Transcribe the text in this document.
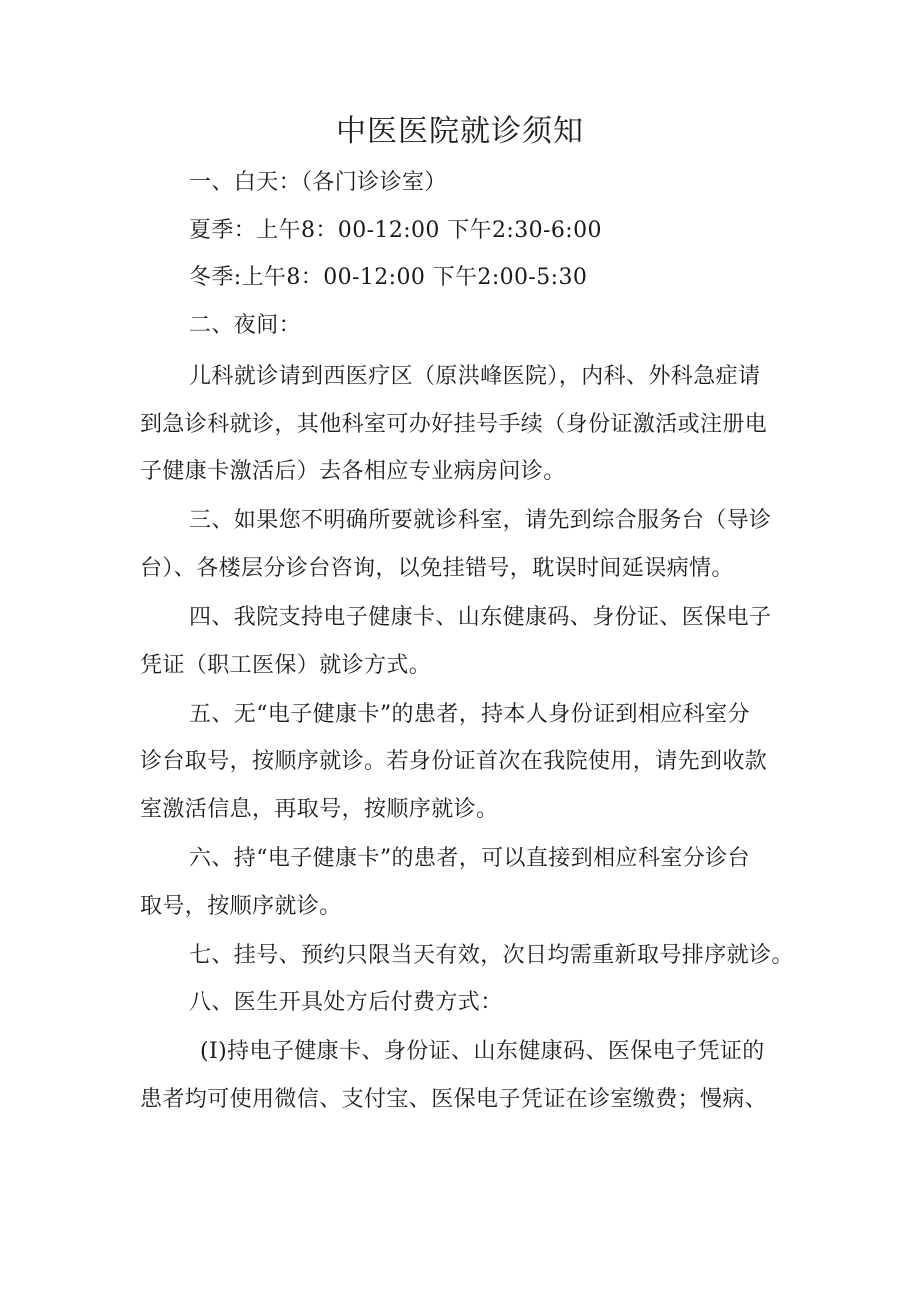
中医医院就诊须知
一、白天：（各门诊诊室）
夏季：上午8：00-12:00 下午2:30-6:00
冬季:上午8：00-12:00 下午2:00-5:30
二、夜间：
儿科就诊请到西医疗区（原洪峰医院），内科、外科急症请
到急诊科就诊，其他科室可办好挂号手续（身份证激活或注册电
子健康卡激活后）去各相应专业病房问诊。
三、如果您不明确所要就诊科室，请先到综合服务台（导诊
台）、各楼层分诊台咨询，以免挂错号，耽误时间延误病情。
四、我院支持电子健康卡、山东健康码、身份证、医保电子
凭证（职工医保）就诊方式。
五、无“电子健康卡”的患者，持本人身份证到相应科室分
诊台取号，按顺序就诊。若身份证首次在我院使用，请先到收款
室激活信息，再取号，按顺序就诊。
六、持“电子健康卡”的患者，可以直接到相应科室分诊台
取号，按顺序就诊。
七、挂号、预约只限当天有效，次日均需重新取号排序就诊。
八、医生开具处方后付费方式：
(I)持电子健康卡、身份证、山东健康码、医保电子凭证的
患者均可使用微信、支付宝、医保电子凭证在诊室缴费；慢病、
